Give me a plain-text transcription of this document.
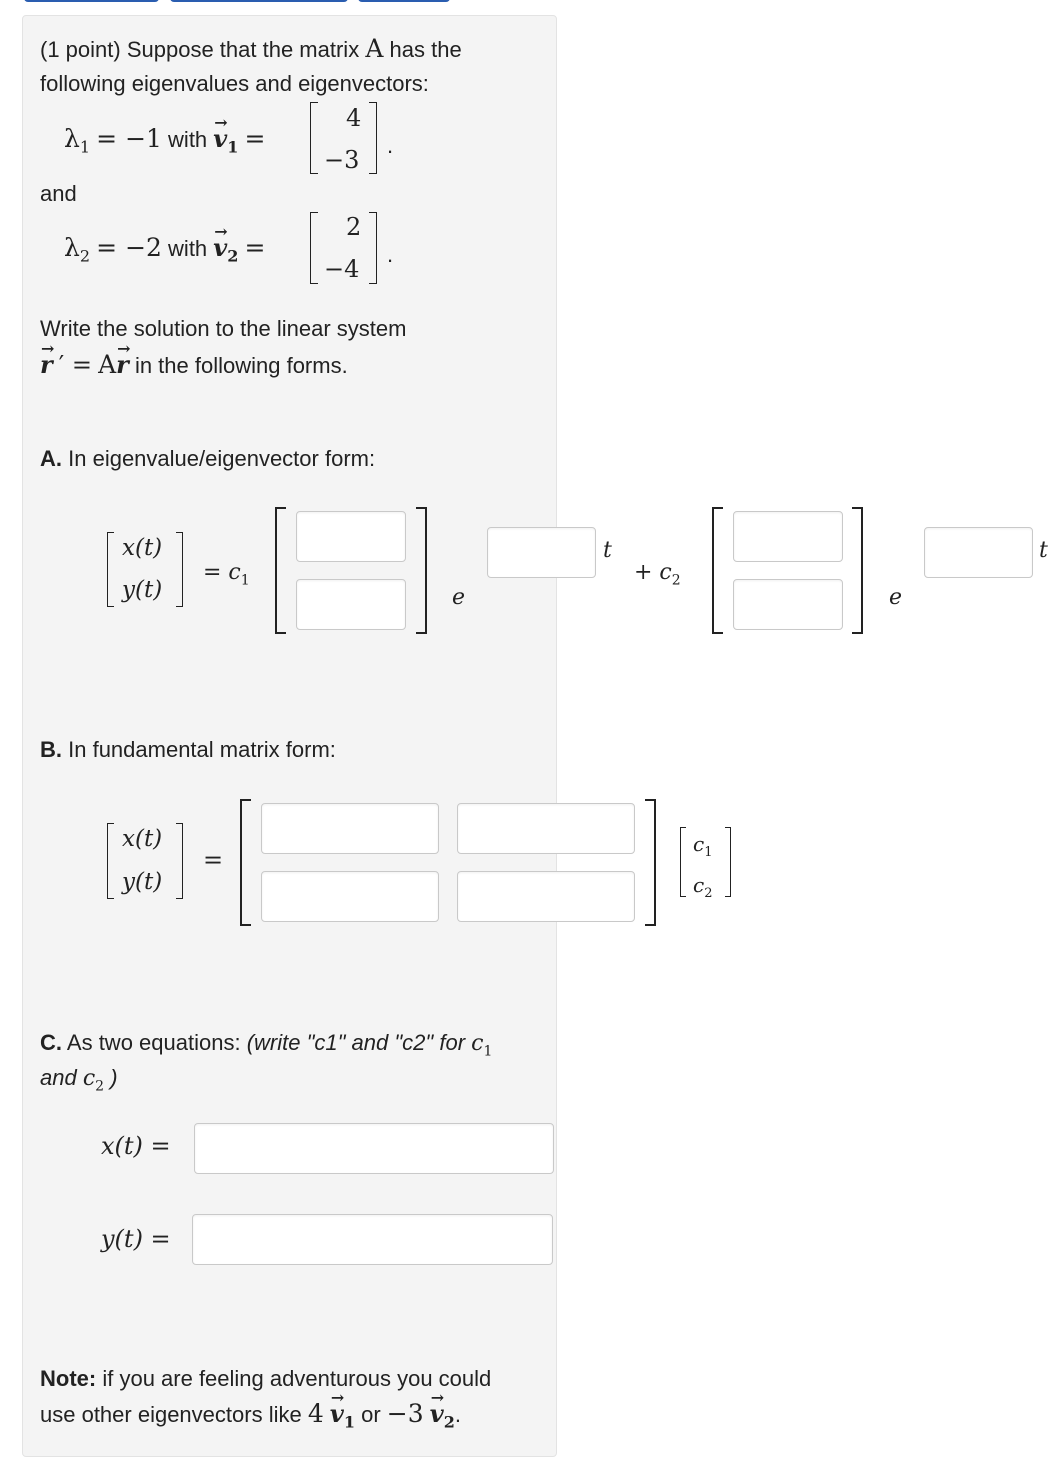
(1 point) Suppose that the matrix A has the
following eigenvalues and eigenvectors:
$\lambda_1 = -1$ with → $v_1$ =
4
−3
.
and
$\lambda_2 = -2$ with → $v_2$ =
2
−4
.
Write the solution to the linear system
→ r ′ = A→ r in the following forms.
A. In eigenvalue/eigenvector form:
x(t)
y(t)
= $c_1$
e
t
+ $c_2$
e
t
B. In fundamental matrix form:
x(t)
y(t)
=
$c_1$
$c_2$
C. As two equations: (write "c1" and "c2" for $c_1$
and $c_2$ )
x(t) =
y(t) =
Note: if you are feeling adventurous you could
use other eigenvectors like $4 \to v_1$ or $-3 \to v_2$.
